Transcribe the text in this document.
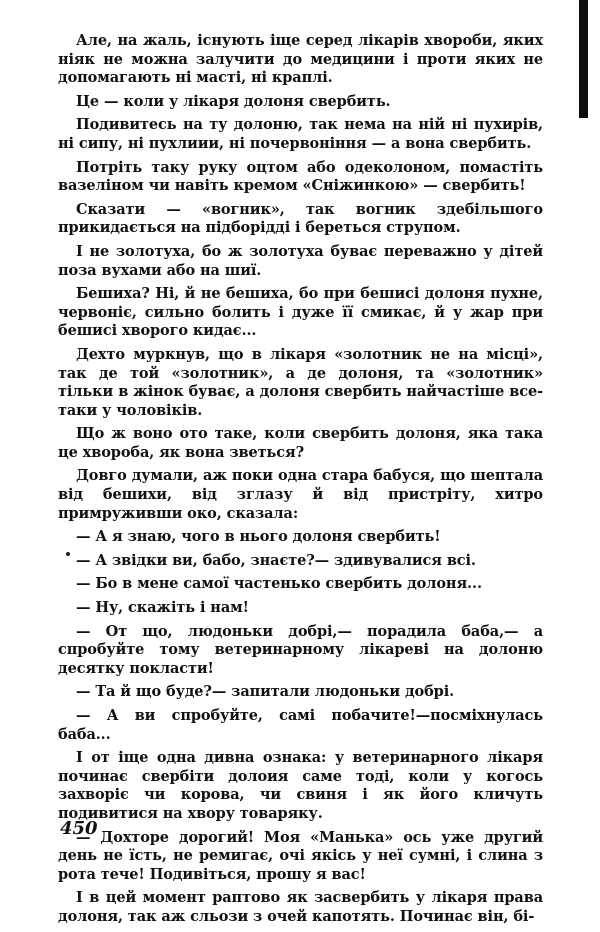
Але, на жаль, існують іще серед лікарів хвороби, яких ніяк не можна залучити до медицини і проти яких не допомагають ні масті, ні краплі.

Це — коли у лікаря долоня свербить.

Подивитесь на ту долоню, так нема на ній ні пухирів, ні сипу, ні пухлиии, ні почервоніння — а вона свербить.

Потріть таку руку оцтом або одеколоном, помастіть вазеліном чи навіть кремом «Сніжинкою» — свербить!

Сказати — «вогник», так вогник здебільшого прикидається на підборідді і береться струпом.

І не золотуха, бо ж золотуха буває переважно у дітей поза вухами або на шиї.

Бешиха? Ні, й не бешиха, бо при бешисі долоня пухне, червоніє, сильно болить і дуже її смикає, й у жар при бешисі хворого кидає...

Дехто муркнув, що в лікаря «золотник не на місці», так де той «золотник», а де долоня, та «золотник» тільки в жінок буває, а долоня свербить найчастіше все-таки у чоловіків.

Що ж воно ото таке, коли свербить долоня, яка така це хвороба, як вона зветься?

Довго думали, аж поки одна стара бабуся, що шептала від бешихи, від зглазу й від пристріту, хитро примруживши око, сказала:

— А я знаю, чого в нього долоня свербить!

— А звідки ви, бабо, знаєте?— здивувалися всі.

— Бо в мене самої частенько свербить долоня...

— Ну, скажіть і нам!

— От що, людоньки добрі,— порадила баба,— а спробуйте тому ветеринарному лікареві на долоню десятку покласти!

— Та й що буде?— запитали людоньки добрі.

— А ви спробуйте, самі побачите!—посміхнулась баба...

І от іще одна дивна ознака: у ветеринарного лікаря починає свербіти долоия саме тоді, коли у когось захворіє чи корова, чи свиня і як його кличуть подивитися на хвору товаряку.

— Дохторе дорогий! Моя «Манька» ось уже другий день не їсть, не ремигає, очі якісь у неї сумні, і слина з рота тече! Подивіться, прошу я вас!

І в цей момент раптово як засвербить у лікаря права долоня, так аж сльози з очей капотять. Починає він, бі-

450
